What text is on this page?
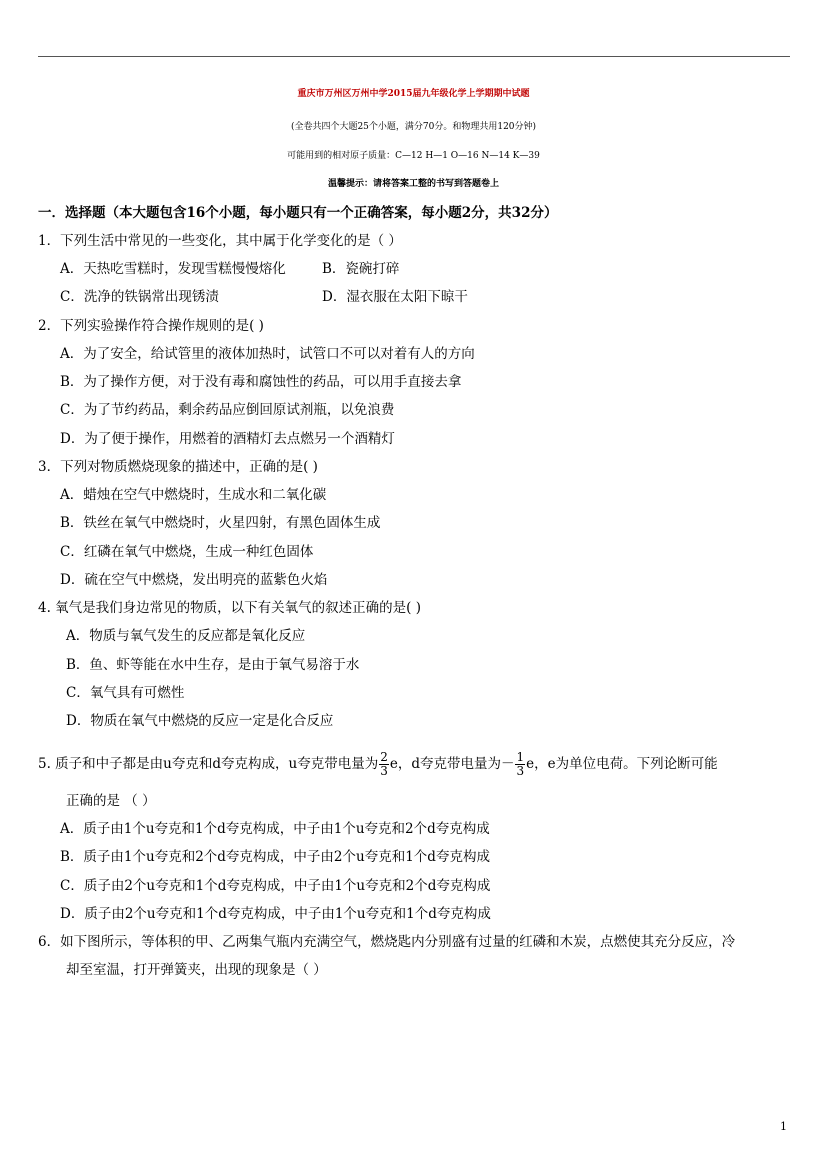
重庆市万州区万州中学2015届九年级化学上学期期中试题
(全卷共四个大题25个小题，满分70分。和物理共用120分钟)
可能用到的相对原子质量：C—12 H—1 O—16 N—14 K—39
温馨提示：请将答案工整的书写到答题卷上
一．选择题（本大题包含16个小题，每小题只有一个正确答案，每小题2分，共32分）
1．下列生活中常见的一些变化，其中属于化学变化的是（ ）
A．天热吃雪糕时，发现雪糕慢慢熔化	B．瓷碗打碎
C．洗净的铁锅常出现锈渍	D．湿衣服在太阳下晾干
2．下列实验操作符合操作规则的是( )
A．为了安全，给试管里的液体加热时，试管口不可以对着有人的方向
B．为了操作方便，对于没有毒和腐蚀性的药品，可以用手直接去拿
C．为了节约药品，剩余药品应倒回原试剂瓶，以免浪费
D．为了便于操作，用燃着的酒精灯去点燃另一个酒精灯
3．下列对物质燃烧现象的描述中，正确的是( )
A．蜡烛在空气中燃烧时，生成水和二氧化碳
B．铁丝在氧气中燃烧时，火星四射，有黑色固体生成
C．红磷在氧气中燃烧，生成一种红色固体
D．硫在空气中燃烧，发出明亮的蓝紫色火焰
4. 氧气是我们身边常见的物质，以下有关氧气的叙述正确的是( )
A．物质与氧气发生的反应都是氧化反应
B．鱼、虾等能在水中生存，是由于氧气易溶于水
C．氧气具有可燃性
D．物质在氧气中燃烧的反应一定是化合反应
5. 质子和中子都是由u夸克和d夸克构成，u夸克带电量为 $\frac{2}{3}$ e，d夸克带电量为－ $\frac{1}{3}$ e，e为单位电荷。下列论断可能
正确的是 （ ）
A．质子由1个u夸克和1个d夸克构成，中子由1个u夸克和2个d夸克构成
B．质子由1个u夸克和2个d夸克构成，中子由2个u夸克和1个d夸克构成
C．质子由2个u夸克和1个d夸克构成，中子由1个u夸克和2个d夸克构成
D．质子由2个u夸克和1个d夸克构成，中子由1个u夸克和1个d夸克构成
6．如下图所示，等体积的甲、乙两集气瓶内充满空气，燃烧匙内分别盛有过量的红磷和木炭，点燃使其充分反应，冷
却至室温，打开弹簧夹，出现的现象是（ ）
1
